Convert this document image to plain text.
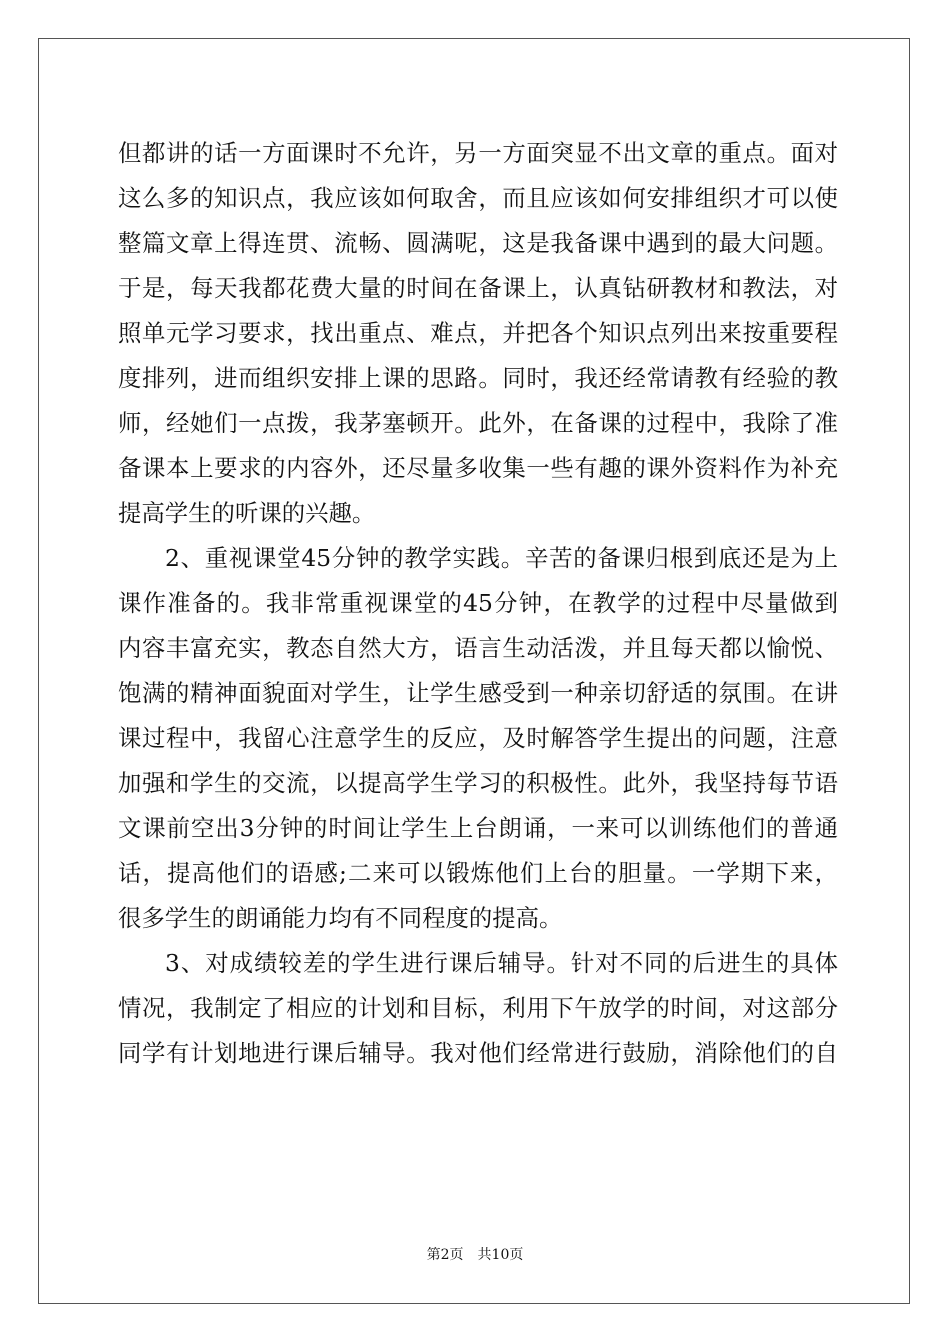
但都讲的话一方面课时不允许，另一方面突显不出文章的重点。面对
这么多的知识点，我应该如何取舍，而且应该如何安排组织才可以使
整篇文章上得连贯、流畅、圆满呢，这是我备课中遇到的最大问题。
于是，每天我都花费大量的时间在备课上，认真钻研教材和教法，对
照单元学习要求，找出重点、难点，并把各个知识点列出来按重要程
度排列，进而组织安排上课的思路。同时，我还经常请教有经验的教
师，经她们一点拨，我茅塞顿开。此外，在备课的过程中，我除了准
备课本上要求的内容外，还尽量多收集一些有趣的课外资料作为补充
提高学生的听课的兴趣。
2、重视课堂45分钟的教学实践。辛苦的备课归根到底还是为上
课作准备的。我非常重视课堂的45分钟，在教学的过程中尽量做到
内容丰富充实，教态自然大方，语言生动活泼，并且每天都以愉悦、
饱满的精神面貌面对学生，让学生感受到一种亲切舒适的氛围。在讲
课过程中，我留心注意学生的反应，及时解答学生提出的问题，注意
加强和学生的交流，以提高学生学习的积极性。此外，我坚持每节语
文课前空出3分钟的时间让学生上台朗诵，一来可以训练他们的普通
话，提高他们的语感;二来可以锻炼他们上台的胆量。一学期下来，
很多学生的朗诵能力均有不同程度的提高。
3、对成绩较差的学生进行课后辅导。针对不同的后进生的具体
情况，我制定了相应的计划和目标，利用下午放学的时间，对这部分
同学有计划地进行课后辅导。我对他们经常进行鼓励，消除他们的自
第2页 共10页
